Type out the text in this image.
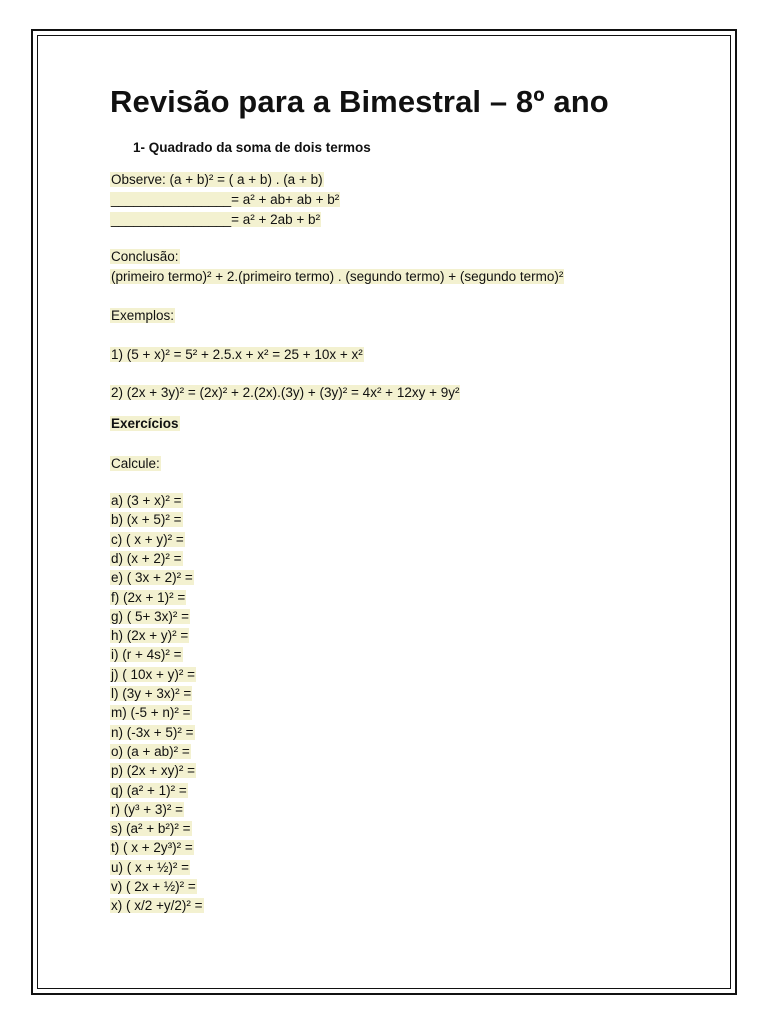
Revisão para a Bimestral – 8º ano
1- Quadrado da soma de dois termos
Observe: (a + b)² = ( a + b) . (a + b)
________________= a² + ab+ ab + b²
________________= a² + 2ab + b²
Conclusão:
(primeiro termo)² + 2.(primeiro termo) . (segundo termo) + (segundo termo)²
Exemplos:
1) (5 + x)² = 5² + 2.5.x + x² = 25 + 10x + x²
2) (2x + 3y)² = (2x)² + 2.(2x).(3y) + (3y)² = 4x² + 12xy + 9y²
Exercícios
Calcule:
a) (3 + x)² =
b) (x + 5)² =
c) ( x + y)² =
d) (x + 2)² =
e) ( 3x + 2)² =
f) (2x + 1)² =
g) ( 5+ 3x)² =
h) (2x + y)² =
i) (r + 4s)² =
j) ( 10x + y)² =
l) (3y + 3x)² =
m) (-5 + n)² =
n) (-3x + 5)² =
o) (a + ab)² =
p) (2x + xy)² =
q) (a² + 1)² =
r) (y³ + 3)² =
s) (a² + b²)² =
t) ( x + 2y³)² =
u) ( x + ½)² =
v) ( 2x + ½)² =
x) ( x/2 +y/2)² =
